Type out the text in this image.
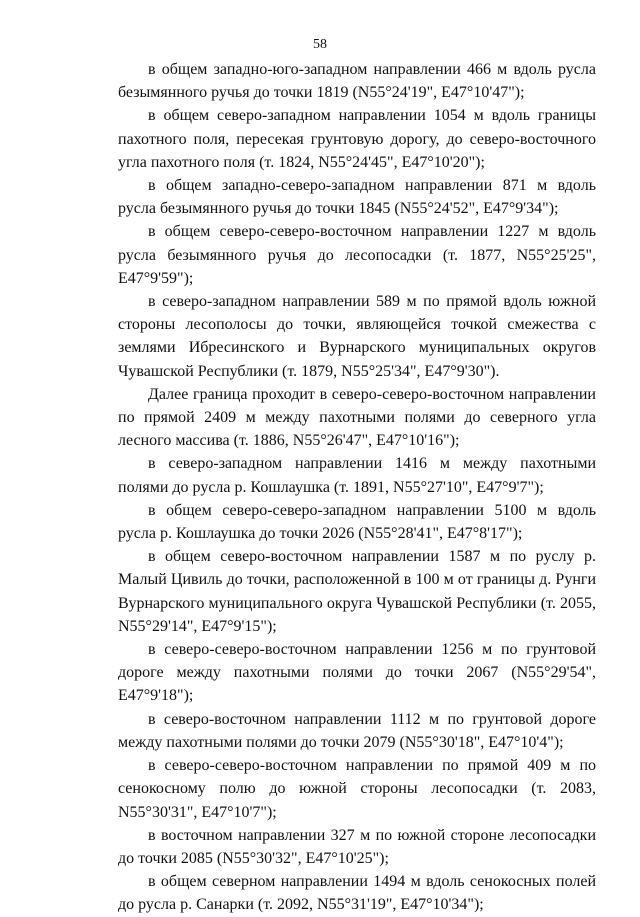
58

в общем западно-юго-западном направлении 466 м вдоль русла безымянного ручья до точки 1819 (N55°24'19", E47°10'47");

в общем северо-западном направлении 1054 м вдоль границы пахотного поля, пересекая грунтовую дорогу, до северо-восточного угла пахотного поля (т. 1824, N55°24'45", E47°10'20");

в общем западно-северо-западном направлении 871 м вдоль русла безымянного ручья до точки 1845 (N55°24'52", E47°9'34");

в общем северо-северо-восточном направлении 1227 м вдоль русла безымянного ручья до лесопосадки (т. 1877, N55°25'25", E47°9'59");

в северо-западном направлении 589 м по прямой вдоль южной стороны лесополосы до точки, являющейся точкой смежества с землями Ибресинского и Вурнарского муниципальных округов Чувашской Республики (т. 1879, N55°25'34", E47°9'30").

Далее граница проходит в северо-северо-восточном направлении по прямой 2409 м между пахотными полями до северного угла лесного массива (т. 1886, N55°26'47", E47°10'16");

в северо-западном направлении 1416 м между пахотными полями до русла р. Кошлаушка (т. 1891, N55°27'10", E47°9'7");

в общем северо-северо-западном направлении 5100 м вдоль русла р. Кошлаушка до точки 2026 (N55°28'41", E47°8'17");

в общем северо-восточном направлении 1587 м по руслу р. Малый Цивиль до точки, расположенной в 100 м от границы д. Рунги Вурнарского муниципального округа Чувашской Республики (т. 2055, N55°29'14", E47°9'15");

в северо-северо-восточном направлении 1256 м по грунтовой дороге между пахотными полями до точки 2067 (N55°29'54", E47°9'18");

в северо-восточном направлении 1112 м по грунтовой дороге между пахотными полями до точки 2079 (N55°30'18", E47°10'4");

в северо-северо-восточном направлении по прямой 409 м по сенокосному полю до южной стороны лесопосадки (т. 2083, N55°30'31", E47°10'7");

в восточном направлении 327 м по южной стороне лесопосадки до точки 2085 (N55°30'32", E47°10'25");

в общем северном направлении 1494 м вдоль сенокосных полей до русла р. Санарки (т. 2092, N55°31'19", E47°10'34");
